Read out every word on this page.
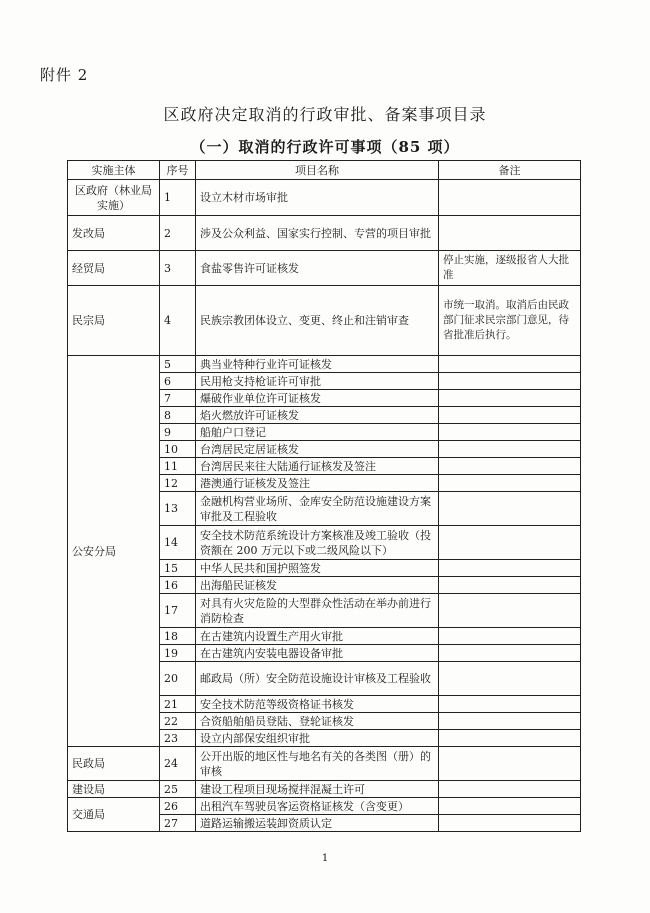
附件 2
区政府决定取消的行政审批、备案事项目录
（一）取消的行政许可事项（85 项）
实施主体	序号	项目名称	备注
区政府（林业局实施）	1	设立木材市场审批	
发改局	2	涉及公众利益、国家实行控制、专营的项目审批	
经贸局	3	食盐零售许可证核发	停止实施，逐级报省人大批准
民宗局	4	民族宗教团体设立、变更、终止和注销审查	市统一取消。取消后由民政部门征求民宗部门意见，待省批准后执行。
公安分局	5	典当业特种行业许可证核发	
	6	民用枪支持枪证许可审批	
	7	爆破作业单位许可证核发	
	8	焰火燃放许可证核发	
	9	船舶户口登记	
	10	台湾居民定居证核发	
	11	台湾居民来往大陆通行证核发及签注	
	12	港澳通行证核发及签注	
	13	金融机构营业场所、金库安全防范设施建设方案审批及工程验收	
	14	安全技术防范系统设计方案核准及竣工验收（投资额在 200 万元以下或二级风险以下）	
	15	中华人民共和国护照签发	
	16	出海船民证核发	
	17	对具有火灾危险的大型群众性活动在举办前进行消防检查	
	18	在古建筑内设置生产用火审批	
	19	在古建筑内安装电器设备审批	
	20	邮政局（所）安全防范设施设计审核及工程验收	
	21	安全技术防范等级资格证书核发	
	22	合资船舶船员登陆、登轮证核发	
	23	设立内部保安组织审批	
民政局	24	公开出版的地区性与地名有关的各类图（册）的审核	
建设局	25	建设工程项目现场搅拌混凝土许可	
交通局	26	出租汽车驾驶员客运资格证核发（含变更）	
	27	道路运输搬运装卸资质认定	
1
